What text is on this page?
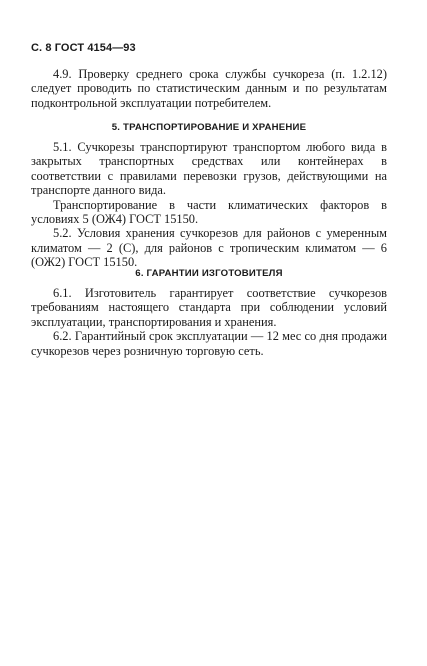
С. 8 ГОСТ 4154—93

4.9. Проверку среднего срока службы сучкореза (п. 1.2.12) следует проводить по статистическим данным и по результатам подконтрольной эксплуатации потребителем.

5. ТРАНСПОРТИРОВАНИЕ И ХРАНЕНИЕ

5.1. Сучкорезы транспортируют транспортом любого вида в закрытых транспортных средствах или контейнерах в соответствии с правилами перевозки грузов, действующими на транспорте данного вида.

Транспортирование в части климатических факторов в условиях 5 (ОЖ4) ГОСТ 15150.

5.2. Условия хранения сучкорезов для районов с умеренным климатом — 2 (С), для районов с тропическим климатом — 6 (ОЖ2) ГОСТ 15150.

6. ГАРАНТИИ ИЗГОТОВИТЕЛЯ

6.1. Изготовитель гарантирует соответствие сучкорезов требованиям настоящего стандарта при соблюдении условий эксплуатации, транспортирования и хранения.

6.2. Гарантийный срок эксплуатации — 12 мес со дня продажи сучкорезов через розничную торговую сеть.
